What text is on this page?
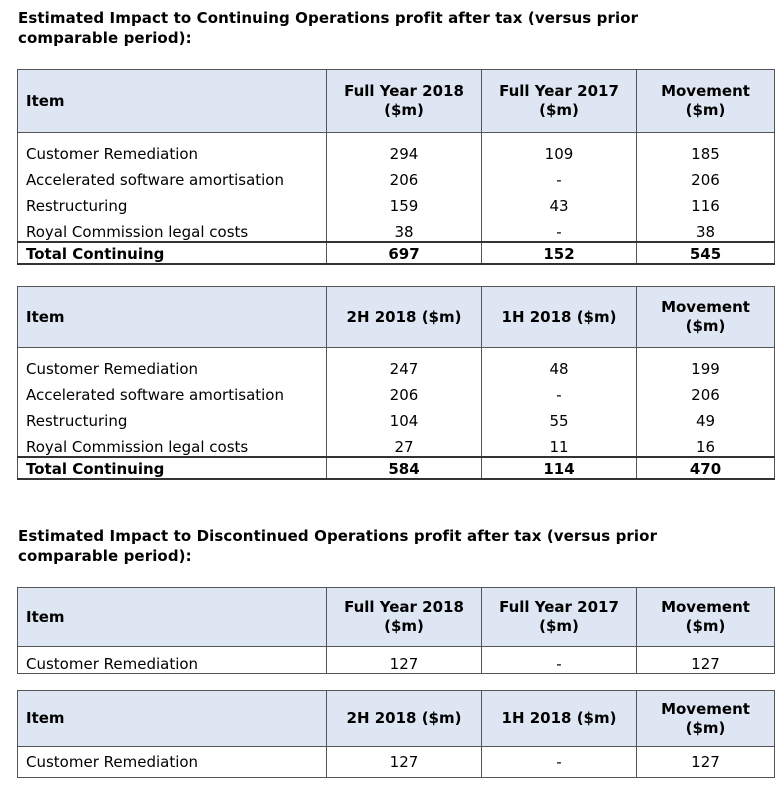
Estimated Impact to Continuing Operations profit after tax (versus prior
comparable period):

Item	Full Year 2018 ($m)	Full Year 2017 ($m)	Movement ($m)

Customer Remediation	294	109	185
Accelerated software amortisation	206	-	206
Restructuring	159	43	116
Royal Commission legal costs	38	-	38
Total Continuing	697	152	545
Item	2H 2018 ($m)	1H 2018 ($m)	Movement ($m)

Customer Remediation	247	48	199
Accelerated software amortisation	206	-	206
Restructuring	104	55	49
Royal Commission legal costs	27	11	16
Total Continuing	584	114	470

Estimated Impact to Discontinued Operations profit after tax (versus prior
comparable period):

Item	Full Year 2018 ($m)	Full Year 2017 ($m)	Movement ($m)
Customer Remediation	127	-	127
Item	2H 2018 ($m)	1H 2018 ($m)	Movement ($m)
Customer Remediation	127	-	127
